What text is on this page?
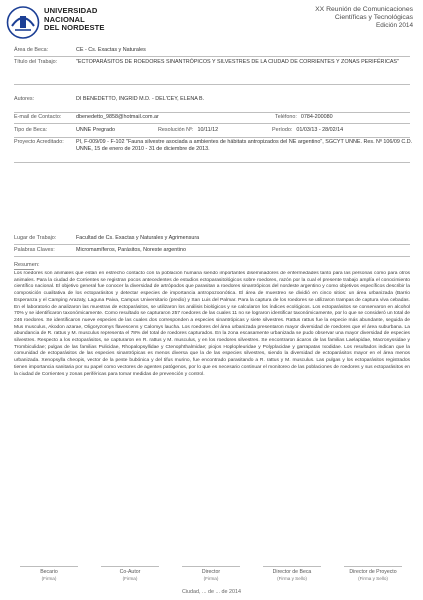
UNIVERSIDAD
NACIONAL
DEL NORDESTE
XX Reunión de Comunicaciones
Científicas y Tecnológicas
Edición 2014
Área de Beca:	CE - Cs. Exactas y Naturales
Título del Trabajo:	"ECTOPARÁSITOS DE ROEDORES SINANTRÓPICOS Y SILVESTRES DE LA CIUDAD DE CORRIENTES Y ZONAS PERIFÉRICAS"
Autores:	DI BENEDETTO, INGRID M.D. - DEL'CEY, ELENA B.
E-mail de Contacto:	dbenedetto_9858@hotmail.com.ar	Teléfono: 0784-200080
Tipo de Beca:	UNNE Pregrado	Resolución Nº: 10/11/12	Período: 01/03/13 - 28/02/14
Proyecto Acreditado:	PI, F-009/09 - F-102 "Fauna silvestre asociada a ambientes de hábitats antropizados del NE argentino", SGCYT UNNE. Res. Nº 106/09 C.D. UNNE, 15 de enero de 2010 - 31 de diciembre de 2013.
Lugar de Trabajo:	Facultad de Cs. Exactas y Naturales y Agrimensura
Palabras Claves:	Micromamíferos, Parásitos, Noreste argentino
Resumen:
Los roedores son animales que están en estrecho contacto con la población humana siendo importantes diseminadores de enfermedades tanto para las personas como para otros animales. Para la ciudad de Corrientes se registran pocos antecedentes de estudios ectoparasitológicos sobre roedores, razón por la cual el presente trabajo amplía el conocimiento científico nacional. El objetivo general fue conocer la diversidad de artrópodos que parasitan a roedores sinantrópicos del nordeste argentino y como objetivos específicos describir la composición cualitativa de los ectoparásitos y detectar especies de importancia antropozoonótica. El área de muestreo se dividió en cinco sitios: un área urbanizada (Barrio Esperanza y el Camping Arazaty, Laguna Paiva, Campus Universitario (predio) y San Luis del Palmar. Para la captura de los roedores se utilizaron trampas de captura viva cebadas. En el laboratorio de analizaron las muestras de ectoparásitos, se utilizaron los análisis biológicos y se calcularon los índices ecológicos. Los ectoparásitos se conservaron en alcohol 70% y se identificaron taxonómicamente. Como resultado se capturaron 257 roedores de las cuales 11 no se lograron identificar taxonómicamente, por lo que se consideró un total de 246 roedores. Se identificaron nueve especies de las cuales dos corresponden a especies sinantrópicas y siete silvestres. Rattus rattus fue la especie más abundante, seguida de Mus musculus, Akodon azarae, Oligoryzomys flavescens y Calomys laucha. Los roedores del área urbanizada presentaron mayor diversidad de roedores que el área suburbana. La abundancia de R. rattus y M. musculus representa el 78% del total de roedores capturados. En la zona escasamente urbanizada se pudo observar una mayor diversidad de especies silvestres. Respecto a los ectoparásitos, se capturaron en R. rattus y M. musculus, y en los roedores silvestres. Se encontraron ácaros de las familias Laelapidae, Macronyssidae y Trombiculidae; pulgas de las familias Pulicidae, Rhopalopsyllidae y Ctenophthalmidae; piojos Hoplopleuridae y Polyplacidae y garrapatas Ixodidae. Los resultados indican que la comunidad de ectoparásitos de las especies sinantrópicas es menos diversa que la de las especies silvestres, siendo la diversidad de ectoparásitos mayor en el área menos urbanizada. Xenopsylla cheopis, vector de la peste bubónica y del tifus murino, fue encontrado parasitando a R. rattus y M. musculus. Las pulgas y los ectoparásitos registrados tienen importancia sanitaria por su papel como vectores de agentes patógenos, por lo que es necesario continuar el monitoreo de las poblaciones de roedores y sus ectoparásitos en la ciudad de Corrientes y zonas periféricas para tomar medidas de prevención y control.
Becario
(Firma)
Co-Autor
(Firma)
Director
(Firma)
Director de Beca
(Firma y Sello)
Director de Proyecto
(Firma y Sello)
Ciudad, ... de ... de 2014
